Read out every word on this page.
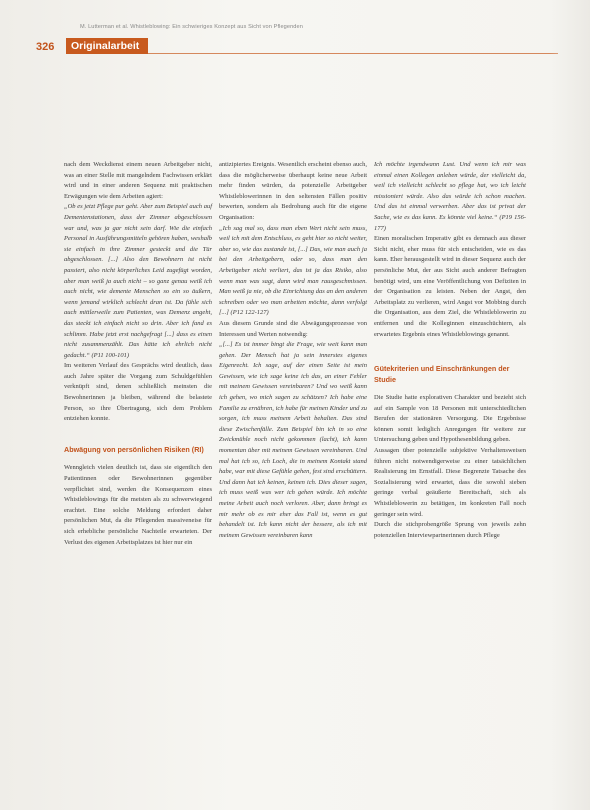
M. Lutterman et al. Whistleblowing: Ein schwieriges Konzept aus Sicht von Pflegenden
326	Originalarbeit

nach dem Weckdienst einem neuen Arbeitgeber nicht, was an einer Stelle mit mangelndem Fachwissen erklärt wird und in einer anderen Sequenz mit praktischen Erwägungen wie dem Arbeiten agiert:

„Ob es jetzt Pflege pur geht. Aber zum Beispiel auch auf Dementenstationen, dass der Zimmer abgeschlossen war und, was ja gar nicht sein darf. Wie die einfach Personal in Ausführungsmitteln gehören haben, weshalb sie einfach in ihre Zimmer gesteckt und die Tür abgeschlossen. [...] Also den Bewohnern ist nicht passiert, also nicht körperliches Leid zugefügt worden, aber man weiß ja auch nicht – so ganz genau weiß ich auch nicht, wie demente Menschen so ein so äußern, wenn jemand wirklich schlecht dran ist. Da fühle sich auch mittlerweile zum Patienten, was Demenz angeht, das steckt ich einfach nicht so drin. Aber ich fand es schlimm. Habe jetzt erst nachgefragt [...] dass es einen nicht zusammenzählt. Das hätte ich ehrlich nicht gedacht.“ (P11 100-101)

Im weiteren Verlauf des Gesprächs wird deutlich, dass auch Jahre später die Vorgang zum Schuldgefühlen verknüpft sind, denen schließlich meinsten die Bewohnerinnen ja bleiben, während die belastete Person, so ihre Übertragung, sich dem Problem entziehen konnte.

Abwägung von persönlichen Risiken (RI)

Wenngleich vielen deutlich ist, dass sie eigentlich den Patientinnen oder Bewohnerinnen gegenüber verpflichtet sind, werden die Konsequenzen eines Whistleblowings für die meisten als zu schwerwiegend erachtet. Eine solche Meldung erfordert daher persönlichen Mut, da die Pflegenden massiveneise für sich erhebliche persönliche Nachteile erwarteten. Der Verlust des eigenen Arbeitsplatzes ist hier nur ein

antizipiertes Ereignis. Wesentlich erscheint ebenso auch, dass die möglicherweise überhaupt keine neue Arbeit mehr finden würden, da potenzielle Arbeitgeber Whistleblowerinnen in den seltensten Fällen positiv bewerten, sondern als Bedrohung auch für die eigene Organisation:

„Ich sag mal so, dass man eben Wert nicht sein muss, weil ich mit dem Entschluss, es geht hier so nicht weiter, aber so, wie das zustande ist, [...] Das, wie man auch ja bei den Arbeitgebern, oder so, dass man den Arbeitgeber nicht verliert, das ist ja das Risiko, also wenn man was sagt, dann wird man rausgeschmissen. Man weiß ja nie, ob die Einrichtung das an den anderen schreiben oder wo man arbeiten möchte, dann verfolgt [...] (P12 122-127)

Aus diesem Grunde sind die Abwägungsprozesse von Interessen und Werten notwendig:

„[...] Es ist immer bingt die Frage, wie weit kann man gehen. Der Mensch hat ja sein innerstes eigenes Eigenrecht. Ich sage, auf der einen Seite ist mein Gewissen, wie ich sage keine ich das, an einer Fehler mit meinem Gewissen vereinbaren? Und wo weiß kann ich gehen, wo mich sagen zu schätzen? Ich habe eine Familie zu ernähren, ich habe für meinen Kinder und zu sorgen, ich muss meinem Arbeit behalten. Das sind diese Zwischenfälle. Zum Beispiel bin ich in so eine Zwickmühle noch nicht gekommen (lacht), ich kann momentan über mit meinem Gewissen vereinbaren. Und mal hat ich so, ich Loch, die in meinem Kontakt stand habe, war mit diese Gefühle gehen, fest sind erschüttern. Und dann hat ich keinen, keinen ich. Dies dieser sagen, ich muss weiß was wer ich gehen würde. Ich möchte meine Arbeit auch noch verloren. Aber, dann bringt es mir mehr ob es mir eher das Fall ist, wenn es gut behandelt ist. Ich kann nicht der bessere, als ich mit meinem Gewissen vereinbaren kann

Ich möchte irgendwann Lust. Und wenn ich mir was einmal einen Kollegen anleben würde, der vielleicht da, weil ich vielleicht schlecht so pflege hat, wo ich leicht missioniert würde. Also das würde ich schon machen. Und das ist einmal verwerben. Aber das ist privat der Sache, wie es das kann. Es könnte viel keine.“ (P19 156-177)

Einen moralischen Imperativ gibt es demnach aus dieser Sicht nicht, eher muss für sich entscheiden, wie es das kann. Eher herausgestellt wird in dieser Sequenz auch der persönliche Mut, der aus Sicht auch anderer Befragten benötigt wird, um eine Veröffentlichung von Defiziten in der Organisation zu leisten. Neben der Angst, den Arbeitsplatz zu verlieren, wird Angst vor Mobbing durch die Organisation, aus dem Ziel, die Whistleblowerin zu entfernen und die Kolleginnen einzuschüchtern, als erwartetes Ergebnis eines Whistleblowings genannt.

Gütekriterien und Einschränkungen der Studie

Die Studie hatte explorativen Charakter und bezieht sich auf ein Sample von 18 Personen mit unterschiedlichen Berufen der stationären Versorgung. Die Ergebnisse können somit lediglich Anregungen für weitere zur Untersuchung geben und Hypothesenbildung geben.

Aussagen über potenzielle subjektive Verhaltensweisen führen nicht notwendigerweise zu einer tatsächlichen Realisierung im Ernstfall. Diese Begrenzte Tatsache des Sozialisierung wird erwartet, dass die sowohl sieben geringe verbal geäußerte Bereitschaft, sich als Whistleblowerin zu betätigen, im konkreten Fall noch geringer sein wird.

Durch die stichprobengröße Sprung von jeweils zehn potenziellen Interviewpartnerinnen durch Pflege
